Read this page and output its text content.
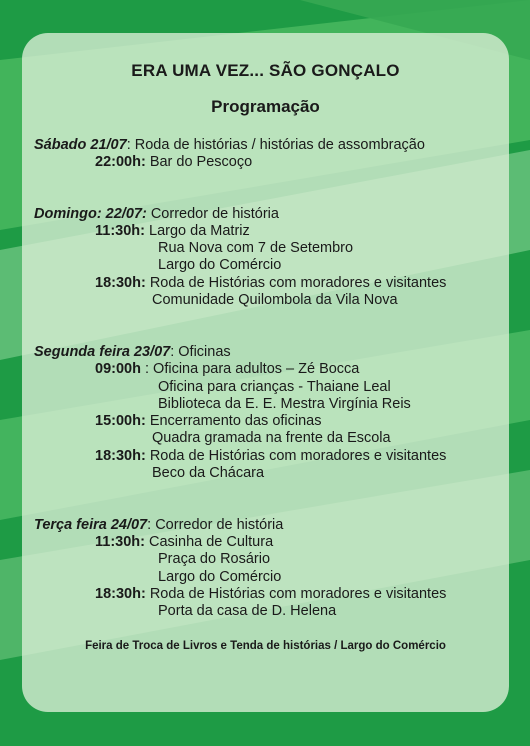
ERA UMA VEZ... SÃO GONÇALO
Programação
Sábado 21/07: Roda de histórias / histórias de assombração
22:00h: Bar do Pescoço
Domingo: 22/07: Corredor de história
11:30h: Largo da Matriz
Rua Nova com 7 de Setembro
Largo do Comércio
18:30h: Roda de Histórias com moradores e visitantes
Comunidade Quilombola da Vila Nova
Segunda feira 23/07: Oficinas
09:00h : Oficina para adultos – Zé Bocca
Oficina para crianças - Thaiane Leal
Biblioteca da E. E. Mestra Virgínia Reis
15:00h: Encerramento das oficinas
Quadra gramada na frente da Escola
18:30h: Roda de Histórias com moradores e visitantes
Beco da Chácara
Terça feira 24/07: Corredor de história
11:30h: Casinha de Cultura
Praça do Rosário
Largo do Comércio
18:30h: Roda de Histórias com moradores e visitantes
Porta da casa de D. Helena
Feira de Troca de Livros e Tenda de histórias / Largo do Comércio
